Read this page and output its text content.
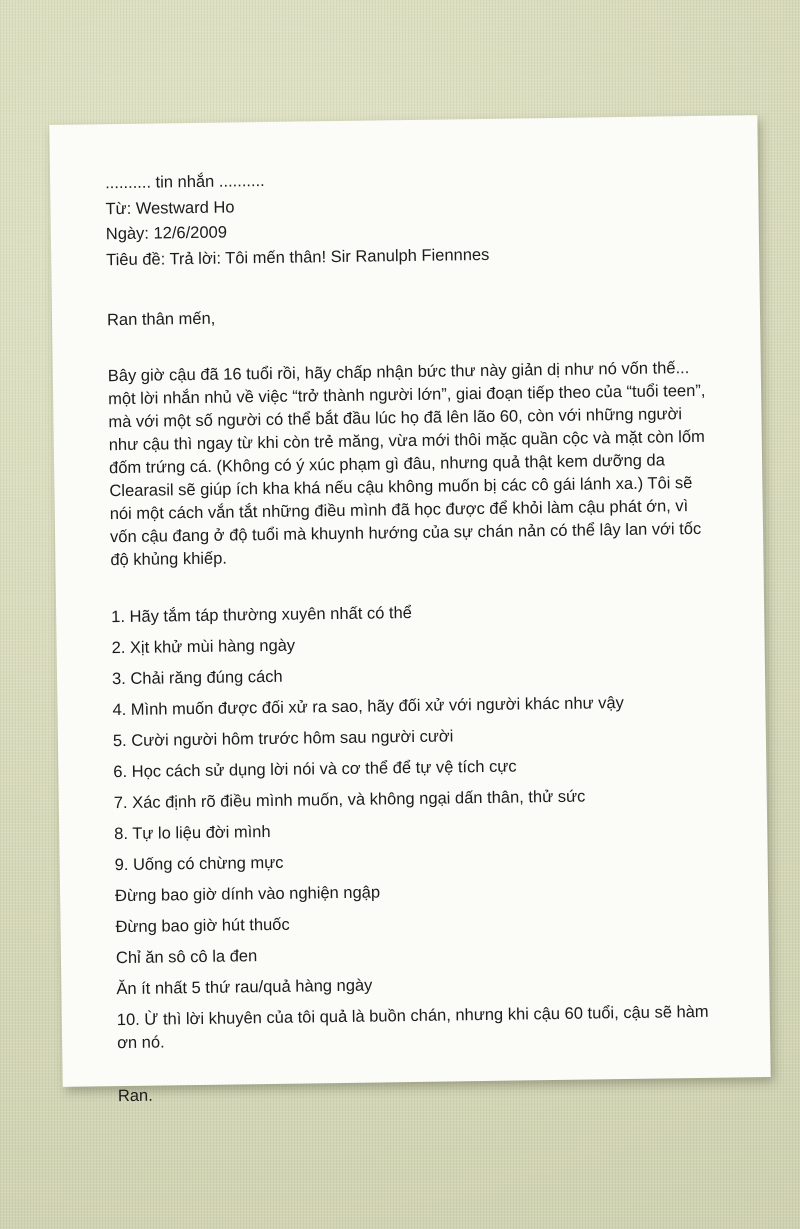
.......... tin nhắn ..........
Từ: Westward Ho
Ngày: 12/6/2009
Tiêu đề: Trả lời: Tôi mến thân! Sir Ranulph Fiennnes
Ran thân mến,

Bây giờ cậu đã 16 tuổi rồi, hãy chấp nhận bức thư này giản dị như nó vốn thế... một lời nhắn nhủ về việc “trở thành người lớn”, giai đoạn tiếp theo của “tuổi teen”, mà với một số người có thể bắt đầu lúc họ đã lên lão 60, còn với những người như cậu thì ngay từ khi còn trẻ măng, vừa mới thôi mặc quần cộc và mặt còn lốm đốm trứng cá. (Không có ý xúc phạm gì đâu, nhưng quả thật kem dưỡng da Clearasil sẽ giúp ích kha khá nếu cậu không muốn bị các cô gái lánh xa.) Tôi sẽ nói một cách vắn tắt những điều mình đã học được để khỏi làm cậu phát ớn, vì vốn cậu đang ở độ tuổi mà khuynh hướng của sự chán nản có thể lây lan với tốc độ khủng khiếp.

1. Hãy tắm táp thường xuyên nhất có thể
2. Xịt khử mùi hàng ngày
3. Chải răng đúng cách
4. Mình muốn được đối xử ra sao, hãy đối xử với người khác như vậy
5. Cười người hôm trước hôm sau người cười
6. Học cách sử dụng lời nói và cơ thể để tự vệ tích cực
7. Xác định rõ điều mình muốn, và không ngại dấn thân, thử sức
8. Tự lo liệu đời mình
9. Uống có chừng mực
Đừng bao giờ dính vào nghiện ngập
Đừng bao giờ hút thuốc
Chỉ ăn sô cô la đen
Ăn ít nhất 5 thứ rau/quả hàng ngày
10. Ừ thì lời khuyên của tôi quả là buồn chán, nhưng khi cậu 60 tuổi, cậu sẽ hàm ơn nó.
Ran.
